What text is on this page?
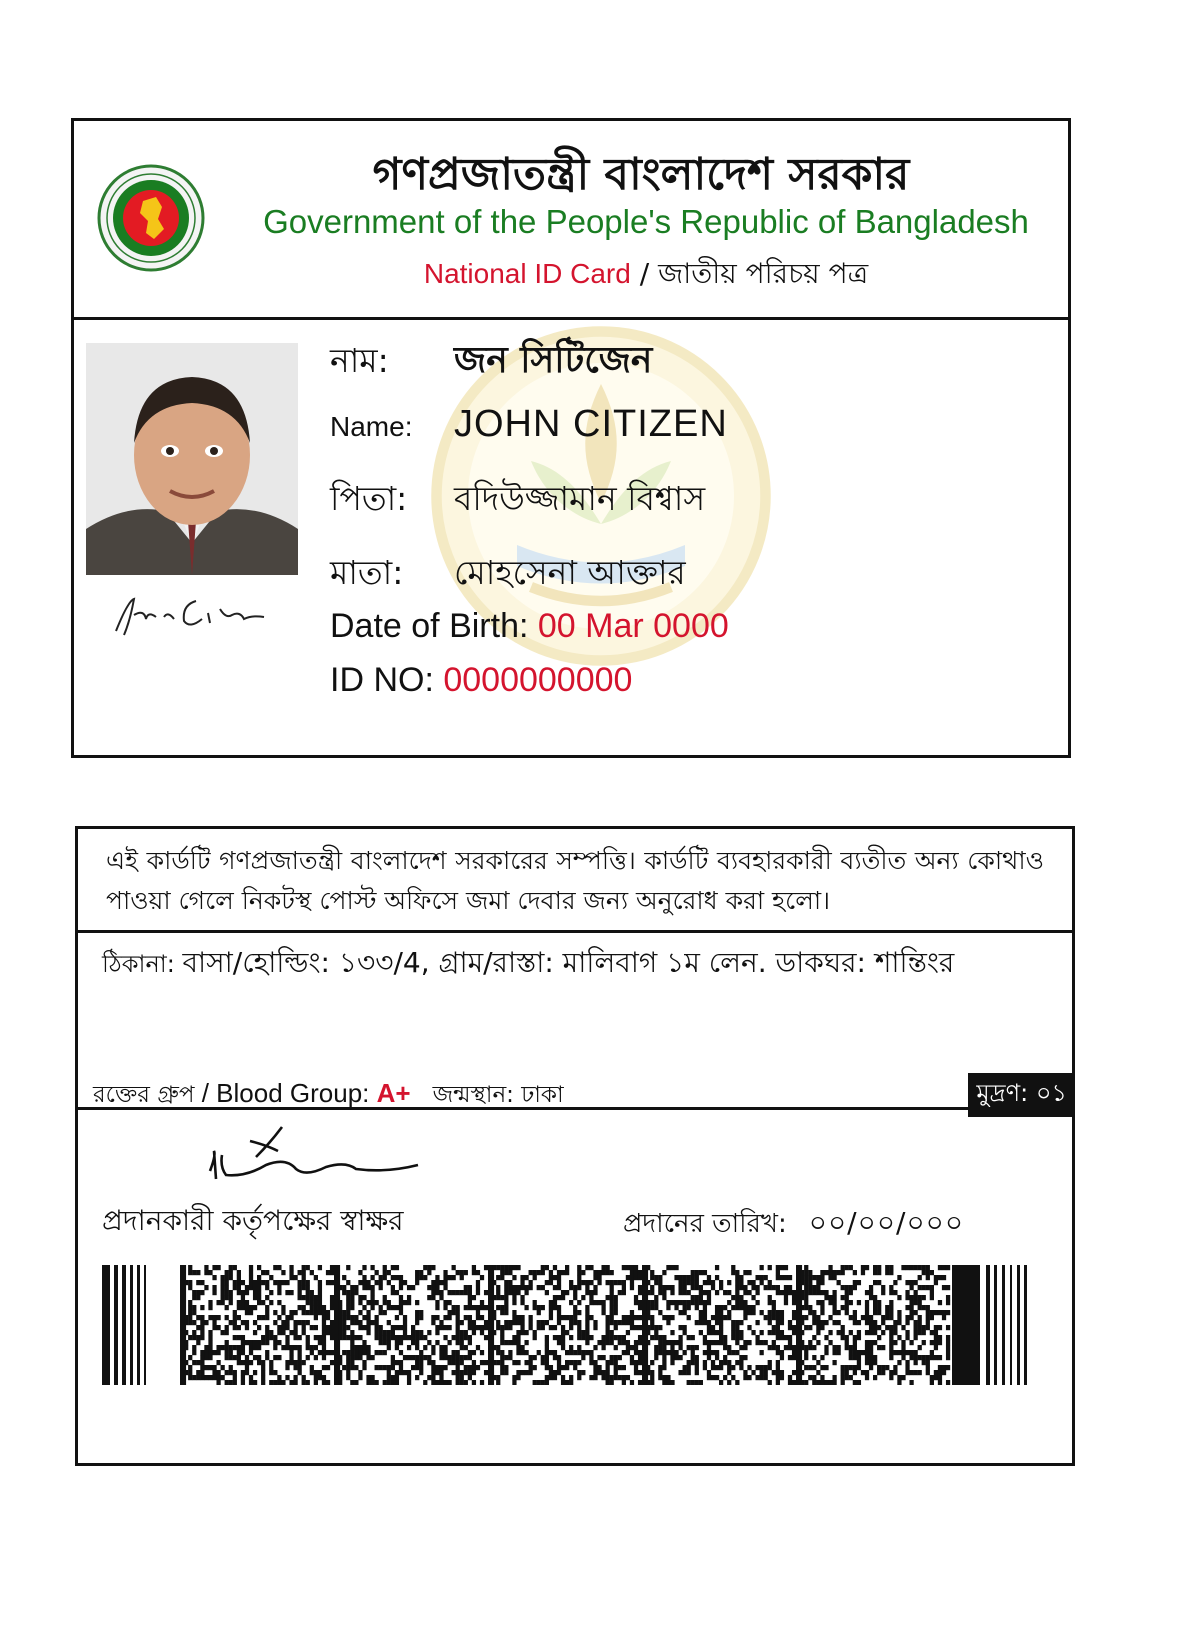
গণপ্রজাতন্ত্রী বাংলাদেশ সরকার
Government of the People's Republic of Bangladesh
National ID Card / জাতীয় পরিচয় পত্র
নাম: জন সিটিজেন
Name: JOHN CITIZEN
পিতা: বদিউজ্জামান বিশ্বাস
মাতা: মোহসেনা আক্তার
Date of Birth: 00 Mar 0000
ID NO: 0000000000
এই কার্ডটি গণপ্রজাতন্ত্রী বাংলাদেশ সরকারের সম্পত্তি। কার্ডটি ব্যবহারকারী ব্যতীত অন্য কোথাও পাওয়া গেলে নিকটস্থ পোস্ট অফিসে জমা দেবার জন্য অনুরোধ করা হলো।
ঠিকানা: বাসা/হোল্ডিং: ১৩৩/4, গ্রাম/রাস্তা: মালিবাগ ১ম লেন. ডাকঘর: শান্তিংর
রক্তের গ্রুপ / Blood Group: A+ জন্মস্থান: ঢাকা	মুদ্রণ: ০১
প্রদানকারী কর্তৃপক্ষের স্বাক্ষর	প্রদানের তারিখ: ০০/০০/০০০
